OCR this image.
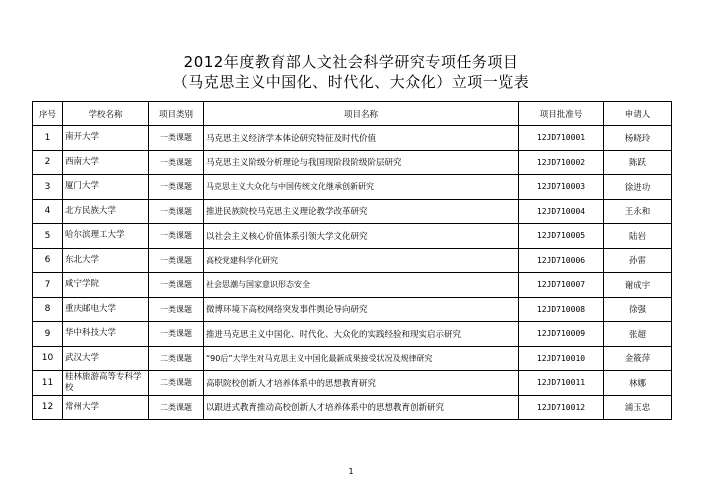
2012年度教育部人文社会科学研究专项任务项目
（马克思主义中国化、时代化、大众化）立项一览表
序号	学校名称	项目类别	项目名称	项目批准号	申请人
1	南开大学	一类课题	马克思主义经济学本体论研究特征及时代价值	12JD710001	杨晓玲
2	西南大学	一类课题	马克思主义阶级分析理论与我国现阶段阶级阶层研究	12JD710002	陈跃
3	厦门大学	一类课题	马克思主义大众化与中国传统文化继承创新研究	12JD710003	徐进功
4	北方民族大学	一类课题	推进民族院校马克思主义理论教学改革研究	12JD710004	王永和
5	哈尔滨理工大学	一类课题	以社会主义核心价值体系引领大学文化研究	12JD710005	陆岩
6	东北大学	一类课题	高校党建科学化研究	12JD710006	孙雷
7	咸宁学院	一类课题	社会思潮与国家意识形态安全	12JD710007	谢成宇
8	重庆邮电大学	一类课题	微博环境下高校网络突发事件舆论导向研究	12JD710008	徐强
9	华中科技大学	一类课题	推进马克思主义中国化、时代化、大众化的实践经验和现实启示研究	12JD710009	张超
10	武汉大学	二类课题	“90后”大学生对马克思主义中国化最新成果接受状况及规律研究	12JD710010	金筱萍
11	桂林旅游高等专科学校	二类课题	高职院校创新人才培养体系中的思想教育研究	12JD710011	林娜
12	常州大学	二类课题	以跟进式教育推动高校创新人才培养体系中的思想教育创新研究	12JD710012	浦玉忠
1
